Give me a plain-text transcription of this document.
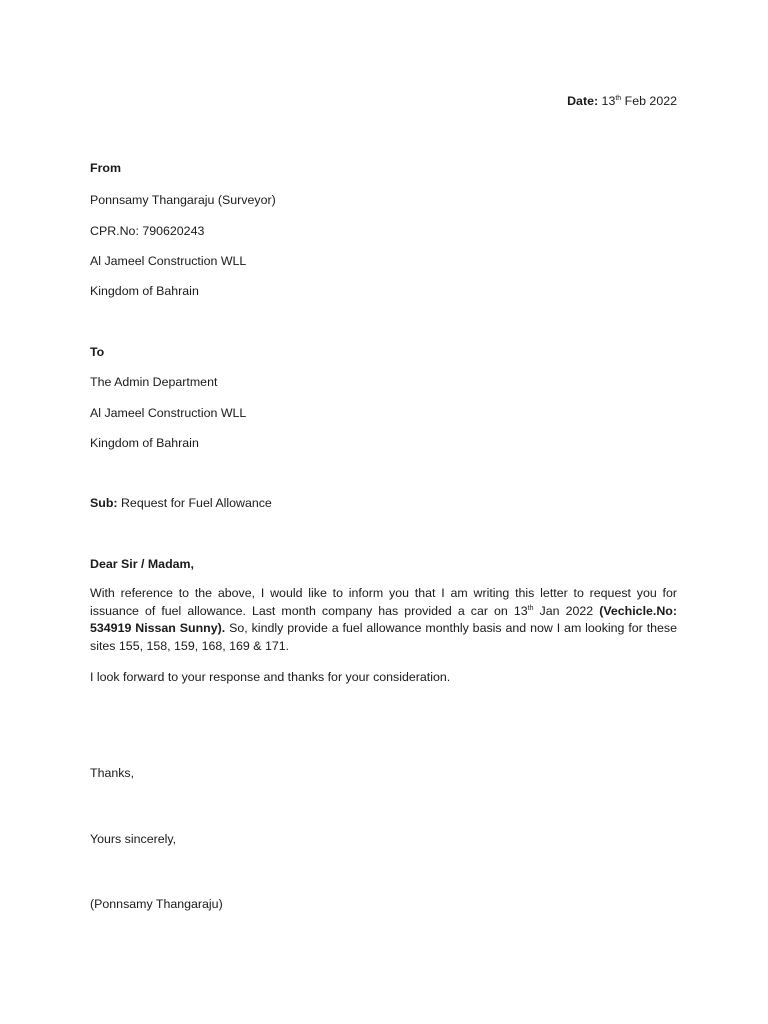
Date: 13th Feb 2022
From
Ponnsamy Thangaraju (Surveyor)
CPR.No: 790620243
Al Jameel Construction WLL
Kingdom of Bahrain
To
The Admin Department
Al Jameel Construction WLL
Kingdom of Bahrain
Sub: Request for Fuel Allowance
Dear Sir / Madam,

With reference to the above, I would like to inform you that I am writing this letter to request you for issuance of fuel allowance. Last month company has provided a car on 13th Jan 2022 (Vechicle.No: 534919 Nissan Sunny). So, kindly provide a fuel allowance monthly basis and now I am looking for these sites 155, 158, 159, 168, 169 & 171.

I look forward to your response and thanks for your consideration.
Thanks,
Yours sincerely,
(Ponnsamy Thangaraju)
